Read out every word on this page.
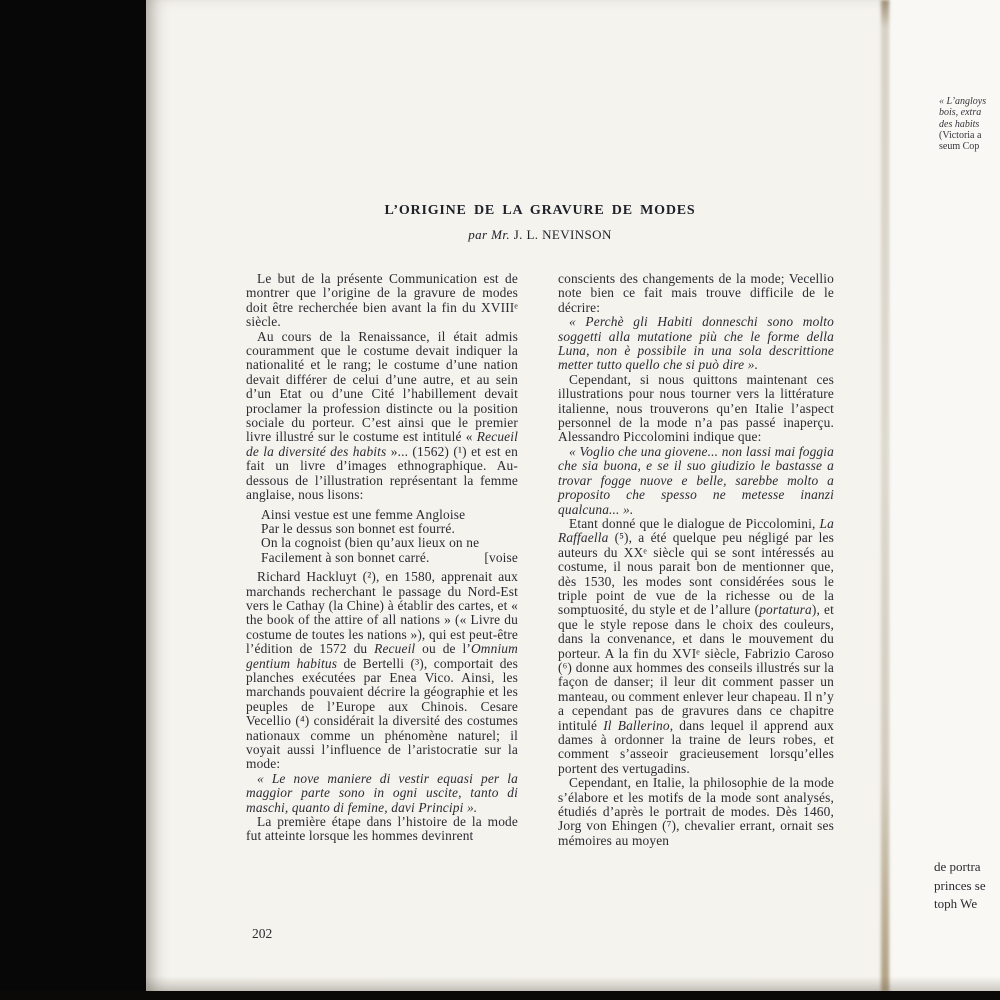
L’ORIGINE DE LA GRAVURE DE MODES
par Mr. J. L. NEVINSON

Le but de la présente Communication est de montrer que l’origine de la gravure de modes doit être recherchée bien avant la fin du XVIIIᵉ siècle.

Au cours de la Renaissance, il était admis couramment que le costume devait indiquer la nationalité et le rang; le costume d’une nation devait différer de celui d’une autre, et au sein d’un Etat ou d’une Cité l’habillement devait proclamer la profession distincte ou la position sociale du porteur. C’est ainsi que le premier livre illustré sur le costume est intitulé « Recueil de la diversité des habits »... (1562) (¹) et est en fait un livre d’images ethnographique. Au-dessous de l’illustration représentant la femme anglaise, nous lisons:

Ainsi vestue est une femme Angloise
Par le dessus son bonnet est fourré.
On la cognoist (bien qu’aux lieux on ne
Facilement à son bonnet carré.	[voise

Richard Hackluyt (²), en 1580, apprenait aux marchands recherchant le passage du Nord-Est vers le Cathay (la Chine) à établir des cartes, et « the book of the attire of all nations » (« Livre du costume de toutes les nations »), qui est peut-être l’édition de 1572 du Recueil ou de l’Omnium gentium habitus de Bertelli (³), comportait des planches exécutées par Enea Vico. Ainsi, les marchands pouvaient décrire la géographie et les peuples de l’Europe aux Chinois. Cesare Vecellio (⁴) considérait la diversité des costumes nationaux comme un phénomène naturel; il voyait aussi l’influence de l’aristocratie sur la mode:

« Le nove maniere di vestir equasi per la maggior parte sono in ogni uscite, tanto di maschi, quanto di femine, davi Principi ».

La première étape dans l’histoire de la mode fut atteinte lorsque les hommes devinrent

conscients des changements de la mode; Vecellio note bien ce fait mais trouve difficile de le décrire:

« Perchè gli Habiti donneschi sono molto soggetti alla mutatione più che le forme della Luna, non è possibile in una sola descrittione metter tutto quello che si può dire ».

Cependant, si nous quittons maintenant ces illustrations pour nous tourner vers la littérature italienne, nous trouverons qu’en Italie l’aspect personnel de la mode n’a pas passé inaperçu. Alessandro Piccolomini indique que:

« Voglio che una giovene... non lassi mai foggia che sia buona, e se il suo giudizio le bastasse a trovar fogge nuove e belle, sarebbe molto a proposito che spesso ne metesse inanzi qualcuna... ».

Etant donné que le dialogue de Piccolomini, La Raffaella (⁵), a été quelque peu négligé par les auteurs du XXᵉ siècle qui se sont intéressés au costume, il nous parait bon de mentionner que, dès 1530, les modes sont considérées sous le triple point de vue de la richesse ou de la somptuosité, du style et de l’allure (portatura), et que le style repose dans le choix des couleurs, dans la convenance, et dans le mouvement du porteur. A la fin du XVIᵉ siècle, Fabrizio Caroso (⁶) donne aux hommes des conseils illustrés sur la façon de danser; il leur dit comment passer un manteau, ou comment enlever leur chapeau. Il n’y a cependant pas de gravures dans ce chapitre intitulé Il Ballerino, dans lequel il apprend aux dames à ordonner la traine de leurs robes, et comment s’asseoir gracieusement lorsqu’elles portent des vertugadins.

Cependant, en Italie, la philosophie de la mode s’élabore et les motifs de la mode sont analysés, étudiés d’après le portrait de modes. Dès 1460, Jorg von Ehingen (⁷), chevalier errant, ornait ses mémoires au moyen

202
« L’angloys
bois, extra
des habits
(Victoria a
seum Cop
de portra
princes se
toph We
